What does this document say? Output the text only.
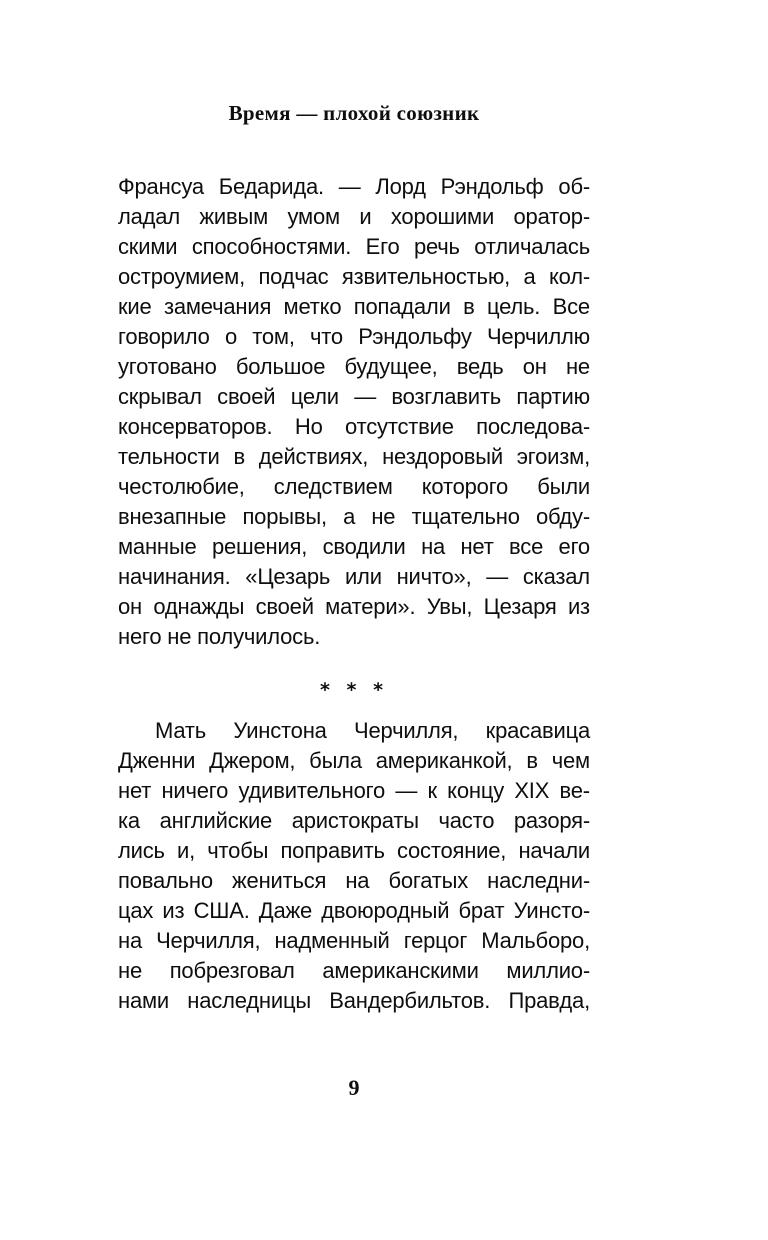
Время — плохой союзник
Франсуа Бедарида. — Лорд Рэндольф об-
ладал живым умом и хорошими оратор-
скими способностями. Его речь отличалась
остроумием, подчас язвительностью, а кол-
кие замечания метко попадали в цель. Все
говорило о том, что Рэндольфу Черчиллю
уготовано большое будущее, ведь он не
скрывал своей цели — возглавить партию
консерваторов. Но отсутствие последова-
тельности в действиях, нездоровый эгоизм,
честолюбие, следствием которого были
внезапные порывы, а не тщательно обду-
манные решения, сводили на нет все его
начинания. «Цезарь или ничто», — сказал
он однажды своей матери». Увы, Цезаря из
него не получилось.
* * *
Мать Уинстона Черчилля, красавица
Дженни Джером, была американкой, в чем
нет ничего удивительного — к концу XIX ве-
ка английские аристократы часто разоря-
лись и, чтобы поправить состояние, начали
повально жениться на богатых наследни-
цах из США. Даже двоюродный брат Уинсто-
на Черчилля, надменный герцог Мальборо,
не побрезговал американскими миллио-
нами наследницы Вандербильтов. Правда,
9
